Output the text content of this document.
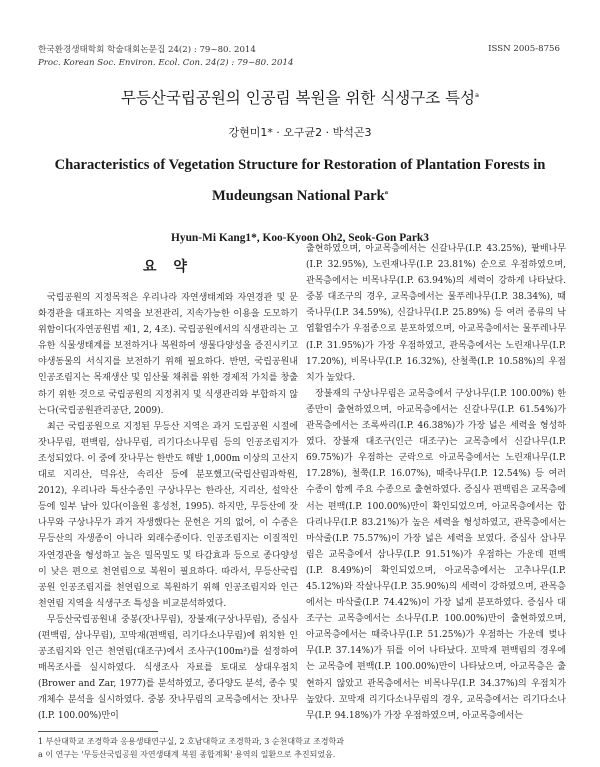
한국환경생태학회 학술대회논문집 24(2) : 79~80. 2014
Proc. Korean Soc. Environ. Ecol. Con. 24(2) : 79~80. 2014
ISSN 2005-8756
무등산국립공원의 인공림 복원을 위한 식생구조 특성$^a$
강현미1* · 오구균2 · 박석곤3
Characteristics of Vegetation Structure for Restoration of Plantation Forests in Mudeungsan National Park$^a$
Hyun-Mi Kang1*, Koo-Kyoon Oh2, Seok-Gon Park3
요 약

국립공원의 지정목적은 우리나라 자연생태계와 자연경관 및 문화경관을 대표하는 지역을 보전관리, 지속가능한 이용을 도모하기 위함이다(자연공원법 제1, 2, 4조). 국립공원에서의 식생관리는 고유한 식물생태계를 보전하거나 복원하여 생물다양성을 증진시키고 야생동물의 서식지를 보전하기 위해 필요하다. 반면, 국립공원내 인공조림지는 목재생산 및 임산물 채취를 위한 경제적 가치를 창출하기 위한 것으로 국립공원의 지정취지 및 식생관리와 부합하지 않는다(국립공원관리공단, 2009).

최근 국립공원으로 지정된 무등산 지역은 과거 도립공원 시절에 잣나무림, 편백림, 삼나무림, 리기다소나무림 등의 인공조림지가 조성되었다. 이 중에 잣나무는 한반도 해발 1,000m 이상의 고산지대로 지리산, 덕유산, 속리산 등에 분포했고(국립산림과학원, 2012), 우리나라 특산수종인 구상나무는 한라산, 지리산, 설악산 등에 일부 남아 있다(이을원 홍성천, 1995). 하지만, 무등산에 잣나무와 구상나무가 과거 자생했다는 문헌은 거의 없어, 이 수종은 무등산의 자생종이 아니라 외래수종이다. 인공조림지는 이질적인 자연경관을 형성하고 높은 밀목밀도 및 타감효과 등으로 종다양성이 낮은 편으로 천연림으로 복원이 필요하다. 따라서, 무등산국립공원 인공조림지를 천연림으로 복원하기 위해 인공조림지와 인근 천연림 지역을 식생구조 특성을 비교분석하였다.

무등산국립공원내 중봉(잣나무림), 장불재(구상나무림), 증심사(편백림, 삼나무림), 꼬막재(편백림, 리기다소나무림)에 위치한 인공조림지와 인근 천연림(대조구)에서 조사구(100m²)를 설정하여 매목조사를 실시하였다. 식생조사 자료를 토대로 상대우점치(Brower and Zar, 1977)를 분석하였고, 종다양도 분석, 종수 및 개체수 분석을 실시하였다. 중봉 잣나무림의 교목층에서는 잣나무(I.P. 100.00%)만이

출현하였으며, 아교목층에서는 신갈나무(I.P. 43.25%), 팥배나무(I.P. 32.95%), 노린재나무(I.P. 23.81%) 순으로 우점하였으며, 관목층에서는 비목나무(I.P. 63.94%)의 세력이 강하게 나타났다. 중봉 대조구의 경우, 교목층에서는 물푸레나무(I.P. 38.34%), 때죽나무(I.P. 34.59%), 신갈나무(I.P. 25.89%) 등 여러 종류의 낙엽활엽수가 우점종으로 분포하였으며, 아교목층에서는 물푸레나무(I.P. 31.95%)가 가장 우점하였고, 관목층에서는 노린재나무(I.P. 17.20%), 비목나무(I.P. 16.32%), 산철쭉(I.P. 10.58%)의 우점치가 높았다.

장불재의 구상나무림은 교목층에서 구상나무(I.P. 100.00%) 한 종만이 출현하였으며, 아교목층에서는 신갈나무(I.P. 61.54%)가 관목층에서는 조록싸리(I.P. 46.38%)가 가장 넓은 세력을 형성하였다. 장불재 대조구(인근 대조구)는 교목층에서 신갈나무(I.P. 69.75%)가 우점하는 군락으로 아교목층에서는 노린재나무(I.P. 17.28%), 철쭉(I.P. 16.07%), 때죽나무(I.P. 12.54%) 등 여러 수종이 함께 주요 수종으로 출현하였다. 증심사 편백림은 교목층에서는 편백(I.P. 100.00%)만이 확인되었으며, 아교목층에서는 합다리나무(I.P. 83.21%)가 높은 세력을 형성하였고, 관목층에서는 마삭줄(I.P. 75.57%)이 가장 넓은 세력을 보였다. 증심사 삼나무림은 교목층에서 삼나무(I.P. 91.51%)가 우점하는 가운데 편백(I.P. 8.49%)이 확인되었으며, 아교목층에서는 고추나무(I.P. 45.12%)와 작살나무(I.P. 35.90%)의 세력이 강하였으며, 관목층에서는 마삭줄(I.P. 74.42%)이 가장 넓게 분포하였다. 증심사 대조구는 교목층에서는 소나무(I.P. 100.00%)만이 출현하였으며, 아교목층에서는 때죽나무(I.P. 51.25%)가 우점하는 가운데 벚나무(I.P. 37.14%)가 뒤를 이어 나타났다. 꼬막재 편백림의 경우에는 교목층에 편백(I.P. 100.00%)만이 나타났으며, 아교목층은 출현하지 않았고 관목층에서는 비목나무(I.P. 34.37%)의 우점치가 높았다. 꼬막재 리기다소나무림의 경우, 교목층에서는 리기다소나무(I.P. 94.18%)가 가장 우점하였으며, 아교목층에서는

1 부산대학교 조경학과 응용생태연구실, 2 호남대학교 조경학과, 3 순천대학교 조경학과
a 이 연구는 '무등산국립공원 자연생태계 복원 종합계획' 용역의 일환으로 추진되었음.
